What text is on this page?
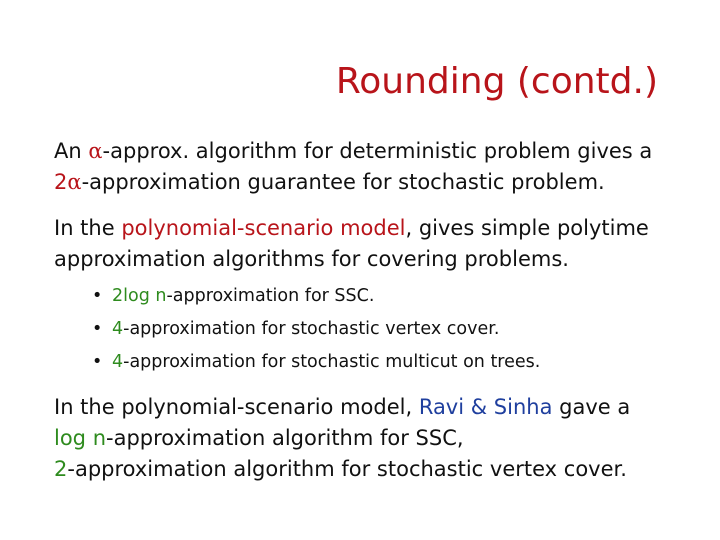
Rounding (contd.)

An α-approx. algorithm for deterministic problem gives a
2α-approximation guarantee for stochastic problem.

In the polynomial-scenario model, gives simple polytime approximation algorithms for covering problems.

• 2log n-approximation for SSC.
• 4-approximation for stochastic vertex cover.
• 4-approximation for stochastic multicut on trees.

In the polynomial-scenario model, Ravi & Sinha gave a
log n-approximation algorithm for SSC,
2-approximation algorithm for stochastic vertex cover.
